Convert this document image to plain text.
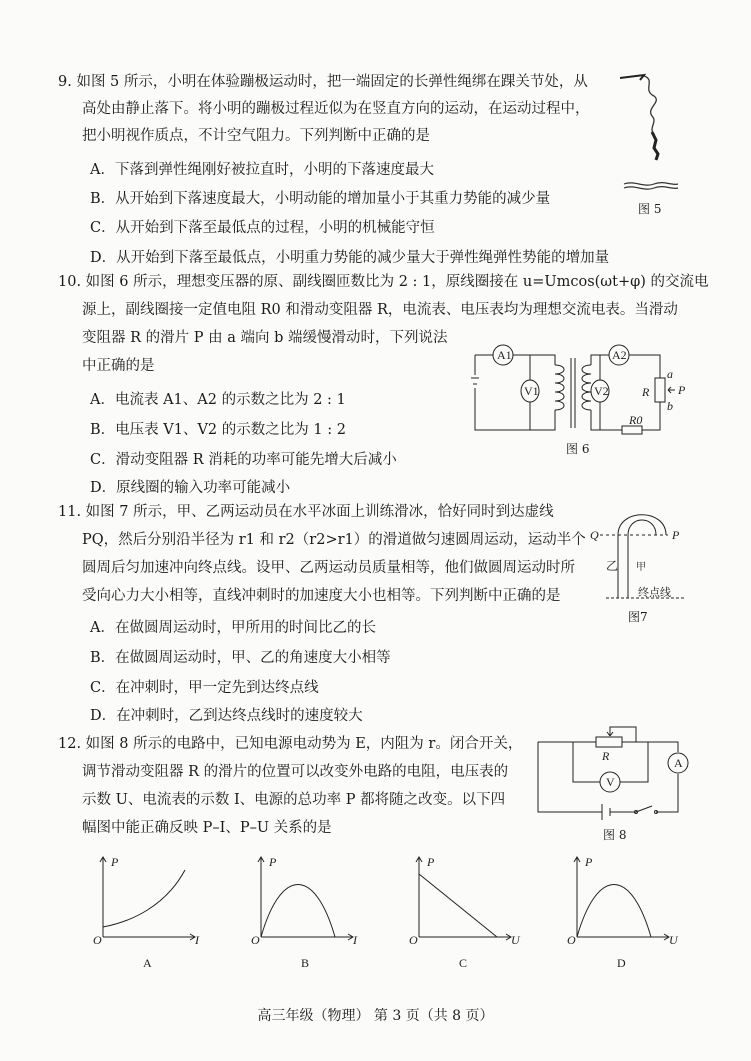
9. 如图 5 所示，小明在体验蹦极运动时，把一端固定的长弹性绳绑在踝关节处，从
高处由静止落下。将小明的蹦极过程近似为在竖直方向的运动，在运动过程中，
把小明视作质点，不计空气阻力。下列判断中正确的是
A．下落到弹性绳刚好被拉直时，小明的下落速度最大
B．从开始到下落速度最大，小明动能的增加量小于其重力势能的减少量
C．从开始到下落至最低点的过程，小明的机械能守恒
D．从开始到下落至最低点，小明重力势能的减少量大于弹性绳弹性势能的增加量
图 5
10. 如图 6 所示，理想变压器的原、副线圈匝数比为 2 : 1，原线圈接在 u=Umcos(ωt+φ) 的交流电
源上，副线圈接一定值电阻 R0 和滑动变阻器 R，电流表、电压表均为理想交流电表。当滑动
变阻器 R 的滑片 P 由 a 端向 b 端缓慢滑动时，下列说法
中正确的是
A．电流表 A1、A2 的示数之比为 2 : 1
B．电压表 V1、V2 的示数之比为 1 : 2
C．滑动变阻器 R 消耗的功率可能先增大后减小
D．原线圈的输入功率可能减小
A1	A2
V1	V2	R
R0
a
b
P
图 6
11. 如图 7 所示，甲、乙两运动员在水平冰面上训练滑冰，恰好同时到达虚线
PQ，然后分别沿半径为 r1 和 r2（r2>r1）的滑道做匀速圆周运动，运动半个
圆周后匀加速冲向终点线。设甲、乙两运动员质量相等，他们做圆周运动时所
受向心力大小相等，直线冲刺时的加速度大小也相等。下列判断中正确的是
A．在做圆周运动时，甲所用的时间比乙的长
B．在做圆周运动时，甲、乙的角速度大小相等
C．在冲刺时，甲一定先到达终点线
D．在冲刺时，乙到达终点线时的速度较大
Q	P
乙 甲
终点线
图7
12. 如图 8 所示的电路中，已知电源电动势为 E，内阻为 r。闭合开关，
调节滑动变阻器 R 的滑片的位置可以改变外电路的电阻，电压表的
示数 U、电流表的示数 I、电源的总功率 P 都将随之改变。以下四
幅图中能正确反映 P–I、P–U 关系的是
R	A
V
图 8
P
O	I
A
P
O	I
B
P
O	U
C
P
O	U
D
高三年级（物理） 第 3 页（共 8 页）
